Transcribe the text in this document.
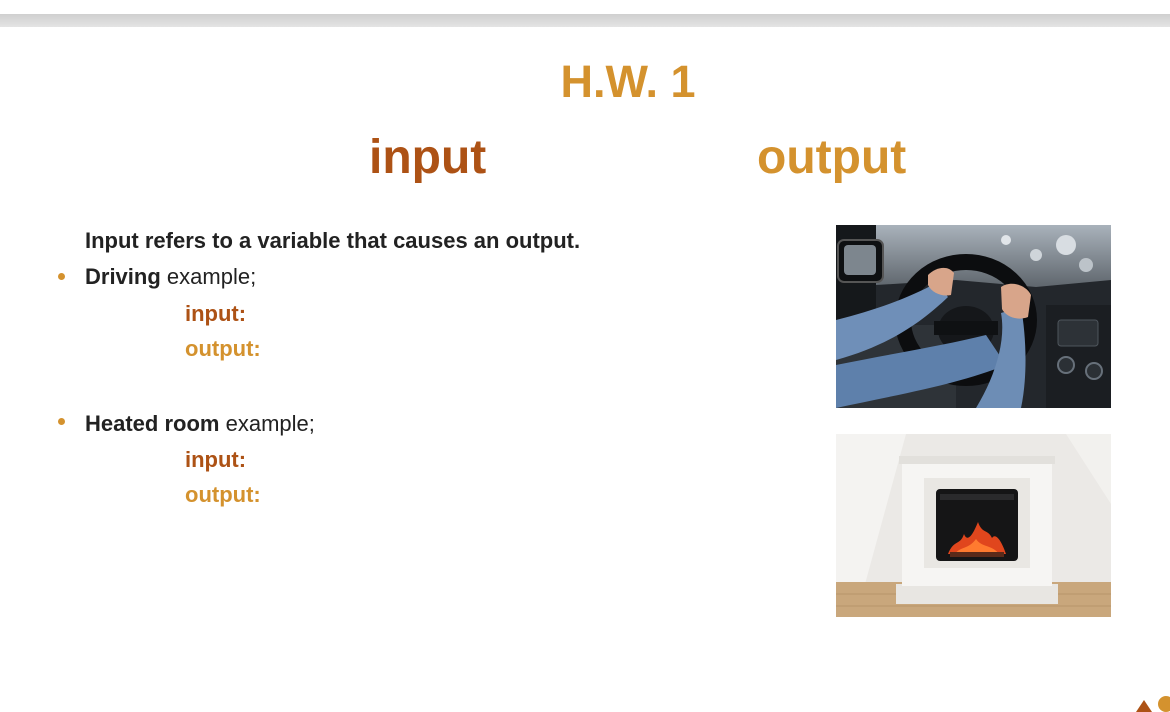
H.W. 1
input	output
Input refers to a variable that causes an output.
Driving example;
input:
output:
Heated room example;
input:
output:
